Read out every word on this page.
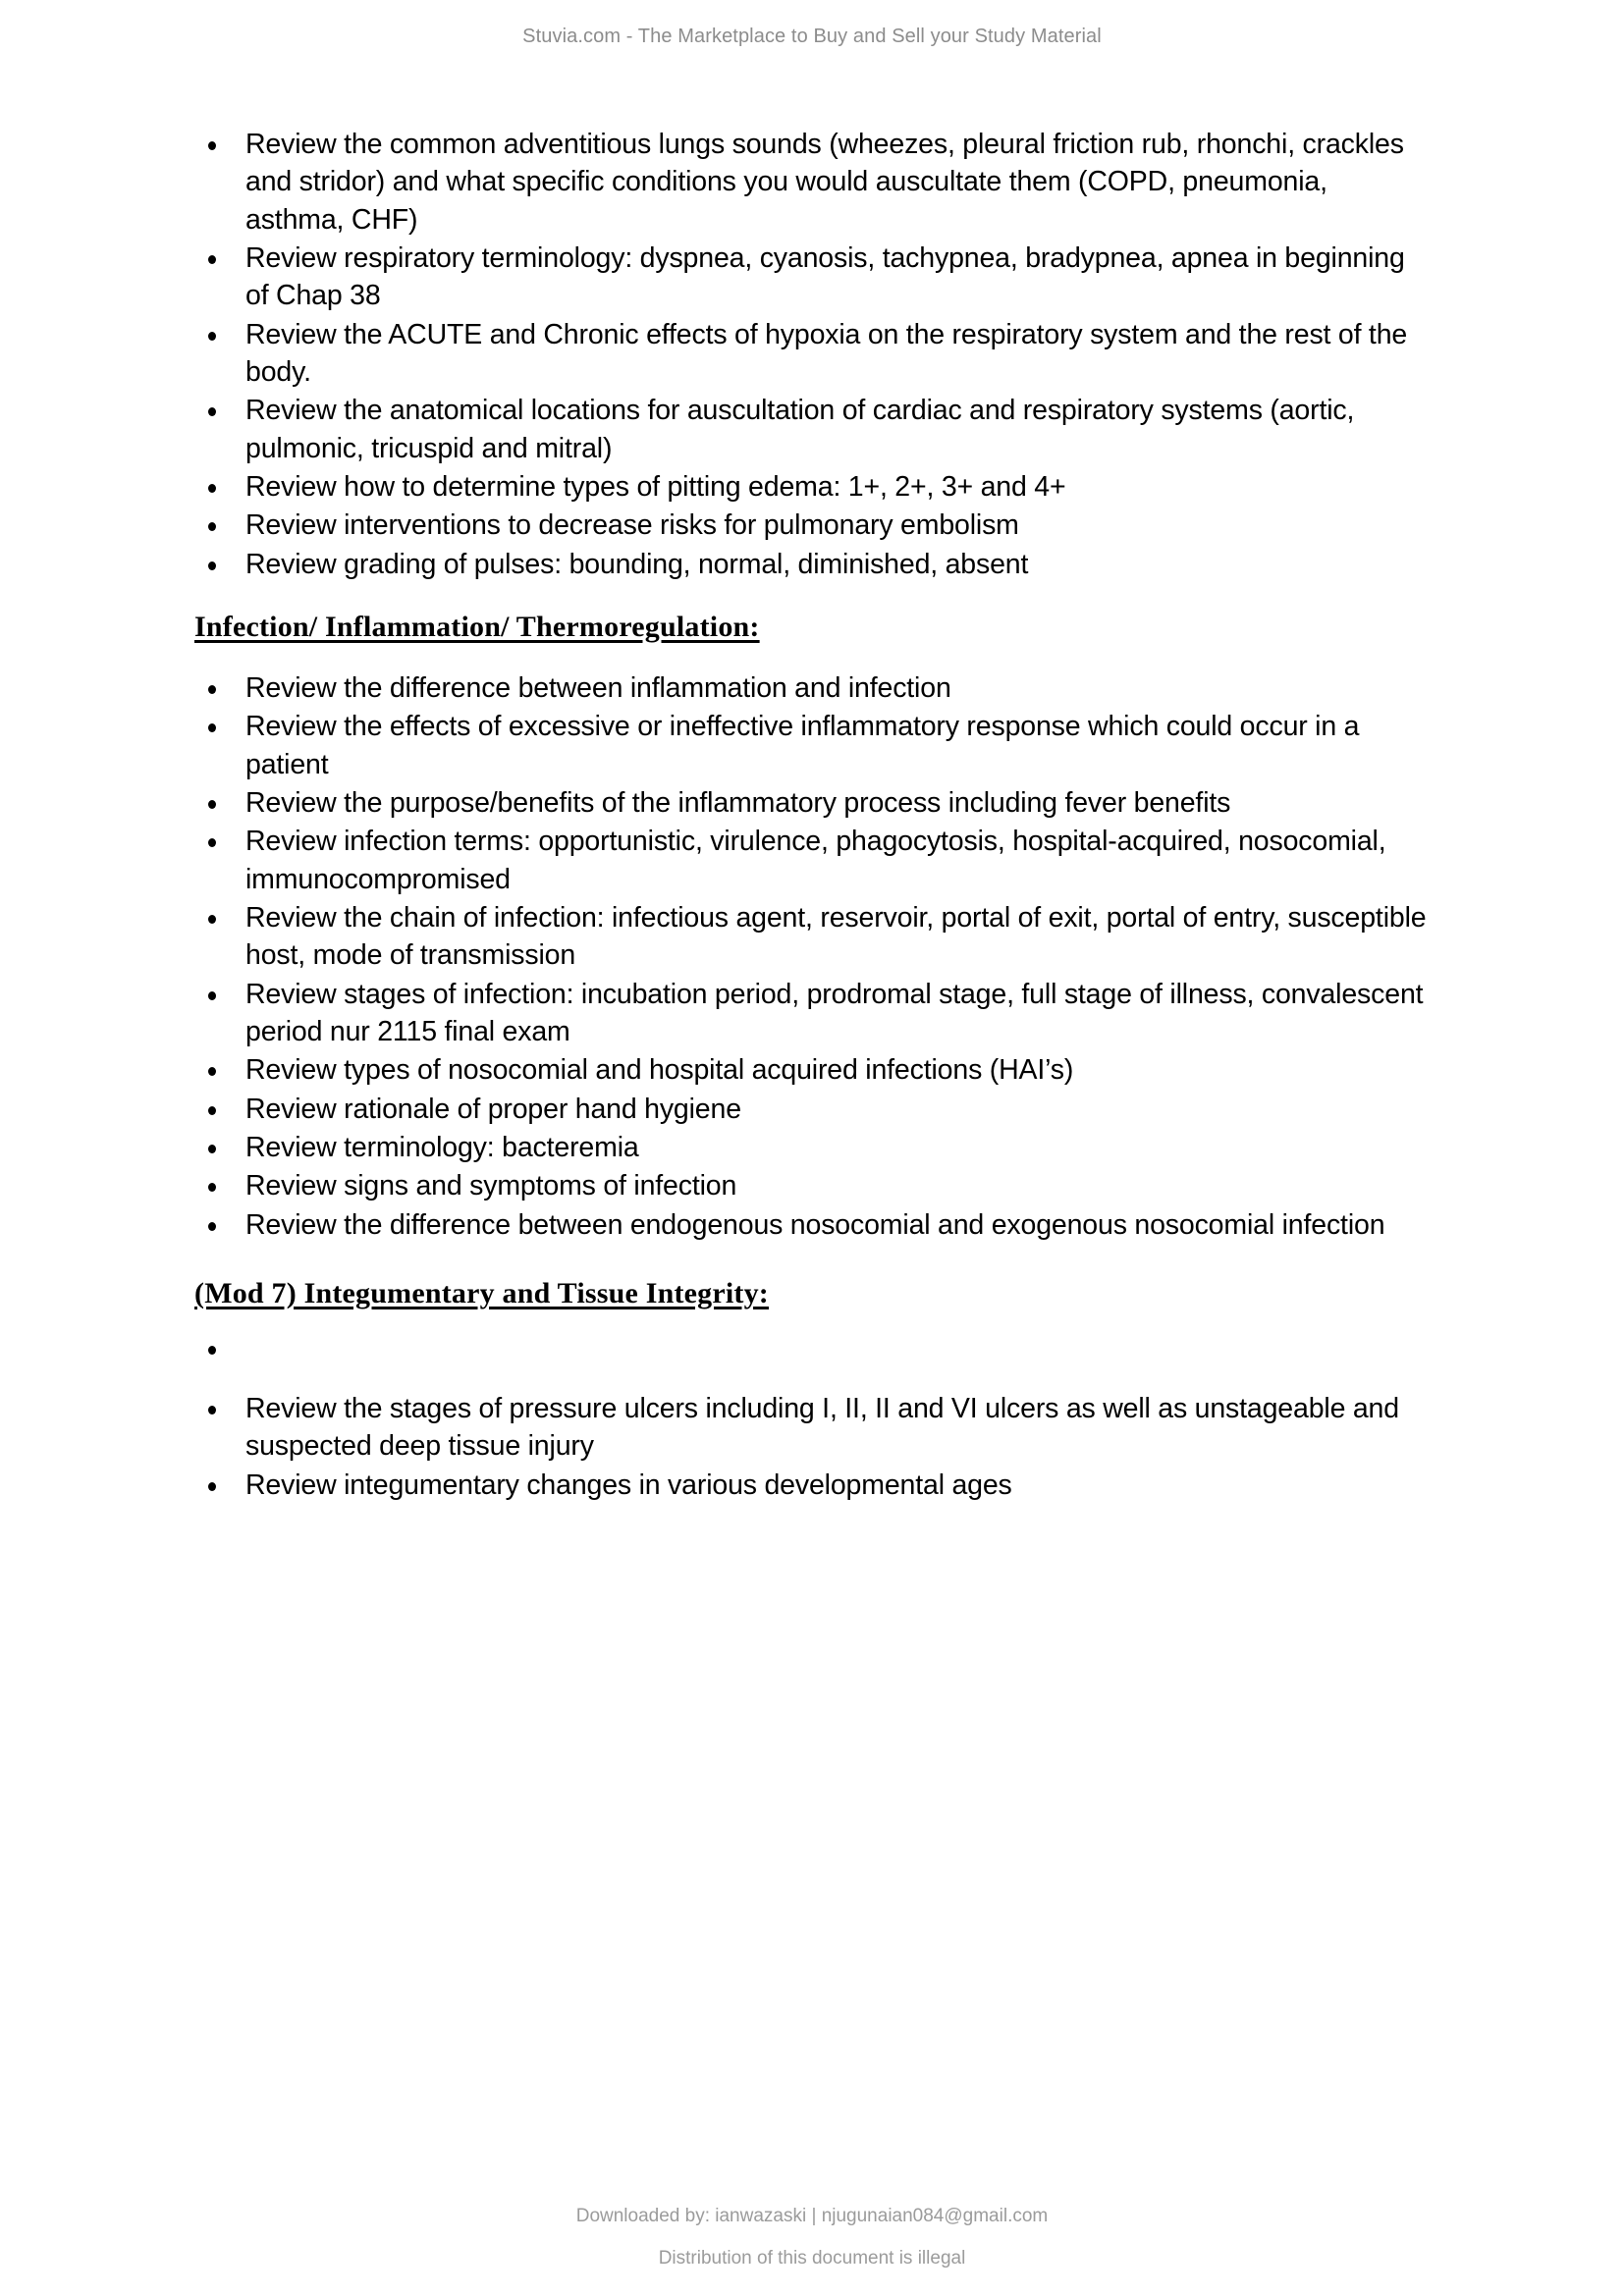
Stuvia.com - The Marketplace to Buy and Sell your Study Material
Review the common adventitious lungs sounds (wheezes, pleural friction rub, rhonchi, crackles and stridor) and what specific conditions you would auscultate them (COPD, pneumonia, asthma, CHF)
Review respiratory terminology: dyspnea, cyanosis, tachypnea, bradypnea, apnea in beginning of Chap 38
Review the ACUTE and Chronic effects of hypoxia on the respiratory system and the rest of the body.
Review the anatomical locations for auscultation of cardiac and respiratory systems (aortic, pulmonic, tricuspid and mitral)
Review how to determine types of pitting edema: 1+, 2+, 3+ and 4+
Review interventions to decrease risks for pulmonary embolism
Review grading of pulses: bounding, normal, diminished, absent
Infection/ Inflammation/ Thermoregulation:
Review the difference between inflammation and infection
Review the effects of excessive or ineffective inflammatory response which could occur in a patient
Review the purpose/benefits of the inflammatory process including fever benefits
Review infection terms: opportunistic, virulence, phagocytosis, hospital-acquired, nosocomial, immunocompromised
Review the chain of infection: infectious agent, reservoir, portal of exit, portal of entry, susceptible host, mode of transmission
Review stages of infection: incubation period, prodromal stage, full stage of illness, convalescent period nur 2115 final exam
Review types of nosocomial and hospital acquired infections (HAI’s)
Review rationale of proper hand hygiene
Review terminology: bacteremia
Review signs and symptoms of infection
Review the difference between endogenous nosocomial and exogenous nosocomial infection
(Mod 7) Integumentary and Tissue Integrity:
Review the stages of pressure ulcers including I, II, II and VI ulcers as well as unstageable and suspected deep tissue injury
Review integumentary changes in various developmental ages
Downloaded by: ianwazaski | njugunaian084@gmail.com
Distribution of this document is illegal
